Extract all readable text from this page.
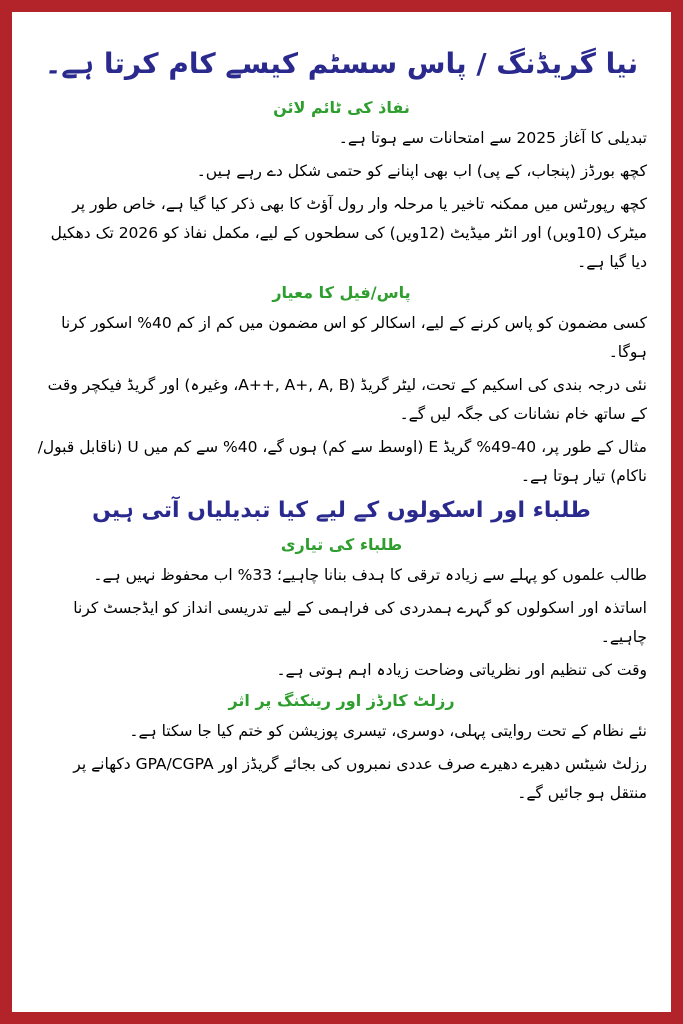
نیا گریڈنگ / پاس سسٹم کیسے کام کرتا ہے۔
نفاذ کی ٹائم لائن

تبدیلی کا آغاز 2025 سے امتحانات سے ہوتا ہے۔

کچھ بورڈز (پنجاب، کے پی) اب بھی اپنانے کو حتمی شکل دے رہے ہیں۔

کچھ رپورٹس میں ممکنہ تاخیر یا مرحلہ وار رول آؤٹ کا بھی ذکر کیا گیا ہے، خاص طور پر میٹرک (10ویں) اور انٹر میڈیٹ (12ویں) کی سطحوں کے لیے، مکمل نفاذ کو 2026 تک دھکیل دیا گیا ہے۔

پاس/فیل کا معیار

کسی مضمون کو پاس کرنے کے لیے، اسکالر کو اس مضمون میں کم از کم 40% اسکور کرنا ہوگا۔

نئی درجہ بندی کی اسکیم کے تحت، لیٹر گریڈ (A++, A+, A, B، وغیرہ) اور گریڈ فیکچر وقت کے ساتھ خام نشانات کی جگہ لیں گے۔

مثال کے طور پر، 40-49% گریڈ E (اوسط سے کم) ہوں گے، 40% سے کم میں U (ناقابل قبول/ناکام) تیار ہوتا ہے۔

طلباء اور اسکولوں کے لیے کیا تبدیلیاں آتی ہیں
طلباء کی تیاری

طالب علموں کو پہلے سے زیادہ ترقی کا ہدف بنانا چاہیے؛ 33% اب محفوظ نہیں ہے۔

اساتذہ اور اسکولوں کو گہرے ہمدردی کی فراہمی کے لیے تدریسی انداز کو ایڈجسٹ کرنا چاہیے۔

وقت کی تنظیم اور نظریاتی وضاحت زیادہ اہم ہوتی ہے۔

رزلٹ کارڈز اور رینکنگ پر اثر

نئے نظام کے تحت روایتی پہلی، دوسری، تیسری پوزیشن کو ختم کیا جا سکتا ہے۔

رزلٹ شیٹس دھیرے دھیرے صرف عددی نمبروں کی بجائے گریڈز اور GPA/CGPA دکھانے پر منتقل ہو جائیں گے۔
